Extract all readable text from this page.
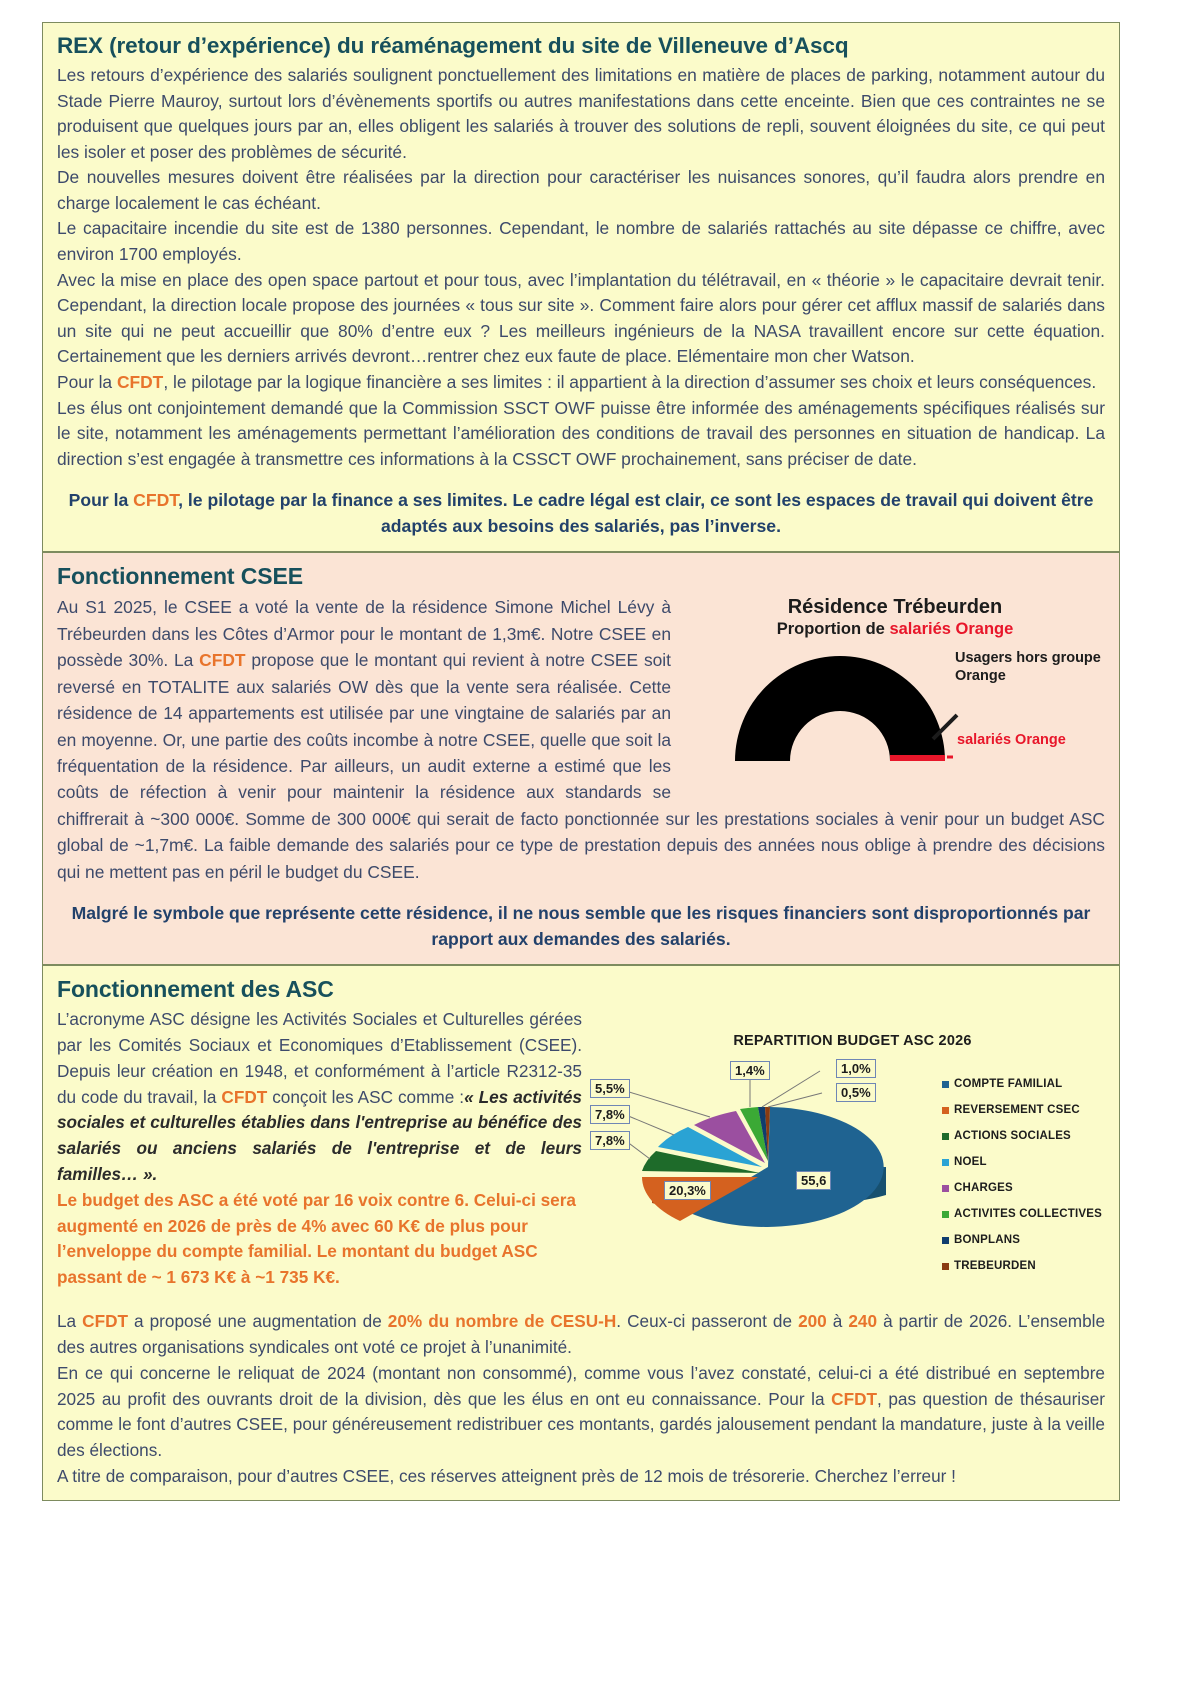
REX (retour d’expérience) du réaménagement du site de Villeneuve d’Ascq

Les retours d’expérience des salariés soulignent ponctuellement des limitations en matière de places de parking, notamment autour du Stade Pierre Mauroy, surtout lors d’évènements sportifs ou autres manifestations dans cette enceinte. Bien que ces contraintes ne se produisent que quelques jours par an, elles obligent les salariés à trouver des solutions de repli, souvent éloignées du site, ce qui peut les isoler et poser des problèmes de sécurité.

De nouvelles mesures doivent être réalisées par la direction pour caractériser les nuisances sonores, qu’il faudra alors prendre en charge localement le cas échéant.

Le capacitaire incendie du site est de 1380 personnes. Cependant, le nombre de salariés rattachés au site dépasse ce chiffre, avec environ 1700 employés.

Avec la mise en place des open space partout et pour tous, avec l’implantation du télétravail, en « théorie » le capacitaire devrait tenir. Cependant, la direction locale propose des journées « tous sur site ». Comment faire alors pour gérer cet afflux massif de salariés dans un site qui ne peut accueillir que 80% d’entre eux ? Les meilleurs ingénieurs de la NASA travaillent encore sur cette équation. Certainement que les derniers arrivés devront…rentrer chez eux faute de place. Elémentaire mon cher Watson.

Pour la CFDT, le pilotage par la logique financière a ses limites : il appartient à la direction d’assumer ses choix et leurs conséquences.

Les élus ont conjointement demandé que la Commission SSCT OWF puisse être informée des aménagements spécifiques réalisés sur le site, notamment les aménagements permettant l’amélioration des conditions de travail des personnes en situation de handicap. La direction s’est engagée à transmettre ces informations à la CSSCT OWF prochainement, sans préciser de date.

Pour la CFDT, le pilotage par la finance a ses limites. Le cadre légal est clair, ce sont les espaces de travail qui doivent être adaptés aux besoins des salariés, pas l’inverse.

Fonctionnement CSEE
Résidence Trébeurden
Proportion de salariés Orange
Usagers hors groupe Orange
salariés Orange

Au S1 2025, le CSEE a voté la vente de la résidence Simone Michel Lévy à Trébeurden dans les Côtes d’Armor pour le montant de 1,3m€. Notre CSEE en possède 30%. La CFDT propose que le montant qui revient à notre CSEE soit reversé en TOTALITE aux salariés OW dès que la vente sera réalisée. Cette résidence de 14 appartements est utilisée par une vingtaine de salariés par an en moyenne. Or, une partie des coûts incombe à notre CSEE, quelle que soit la fréquentation de la résidence. Par ailleurs, un audit externe a estimé que les coûts de réfection à venir pour maintenir la résidence aux standards se chiffrerait à ~300 000€. Somme de 300 000€ qui serait de facto ponctionnée sur les prestations sociales à venir pour un budget ASC global de ~1,7m€. La faible demande des salariés pour ce type de prestation depuis des années nous oblige à prendre des décisions qui ne mettent pas en péril le budget du CSEE.

Malgré le symbole que représente cette résidence, il ne nous semble que les risques financiers sont disproportionnés par rapport aux demandes des salariés.

Fonctionnement des ASC

L’acronyme ASC désigne les Activités Sociales et Culturelles gérées par les Comités Sociaux et Economiques d’Etablissement (CSEE). Depuis leur création en 1948, et conformément à l’article R2312-35 du code du travail, la CFDT conçoit les ASC comme :« Les activités sociales et culturelles établies dans l'entreprise au bénéfice des salariés ou anciens salariés de l'entreprise et de leurs familles… ».

Le budget des ASC a été voté par 16 voix contre 6. Celui-ci sera augmenté en 2026 de près de 4% avec 60 K€ de plus pour l’enveloppe du compte familial. Le montant du budget ASC passant de ~ 1 673 K€ à ~1 735 K€.

REPARTITION BUDGET ASC 2026
1,4%	1,0%
0,5%
5,5%
7,8%
7,8%
20,3%
55,6
COMPTE FAMILIAL
REVERSEMENT CSEC
ACTIONS SOCIALES
NOEL
CHARGES
ACTIVITES COLLECTIVES
BONPLANS
TREBEURDEN

La CFDT a proposé une augmentation de 20% du nombre de CESU-H. Ceux-ci passeront de 200 à 240 à partir de 2026. L’ensemble des autres organisations syndicales ont voté ce projet à l’unanimité.

En ce qui concerne le reliquat de 2024 (montant non consommé), comme vous l’avez constaté, celui-ci a été distribué en septembre 2025 au profit des ouvrants droit de la division, dès que les élus en ont eu connaissance. Pour la CFDT, pas question de thésauriser comme le font d’autres CSEE, pour généreusement redistribuer ces montants, gardés jalousement pendant la mandature, juste à la veille des élections.

A titre de comparaison, pour d’autres CSEE, ces réserves atteignent près de 12 mois de trésorerie. Cherchez l’erreur !
